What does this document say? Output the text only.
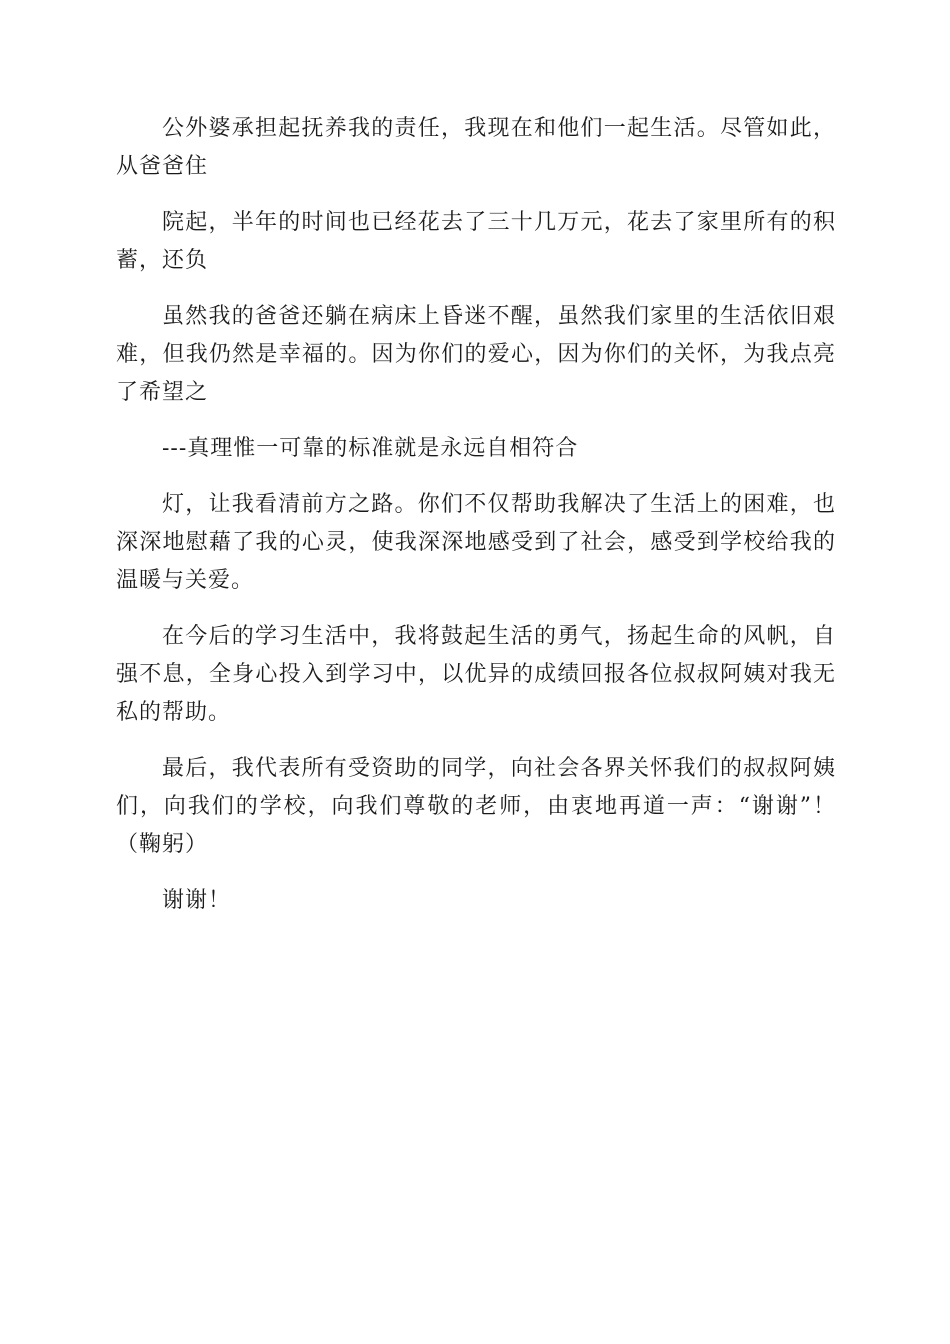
公外婆承担起抚养我的责任，我现在和他们一起生活。尽管如此，从爸爸住

院起，半年的时间也已经花去了三十几万元，花去了家里所有的积蓄，还负

虽然我的爸爸还躺在病床上昏迷不醒，虽然我们家里的生活依旧艰难，但我仍然是幸福的。因为你们的爱心，因为你们的关怀，为我点亮了希望之

---真理惟一可靠的标准就是永远自相符合

灯，让我看清前方之路。你们不仅帮助我解决了生活上的困难，也深深地慰藉了我的心灵，使我深深地感受到了社会，感受到学校给我的温暖与关爱。

在今后的学习生活中，我将鼓起生活的勇气，扬起生命的风帆，自强不息，全身心投入到学习中，以优异的成绩回报各位叔叔阿姨对我无私的帮助。

最后，我代表所有受资助的同学，向社会各界关怀我们的叔叔阿姨们，向我们的学校，向我们尊敬的老师，由衷地再道一声：“谢谢”！（鞠躬）

谢谢！
